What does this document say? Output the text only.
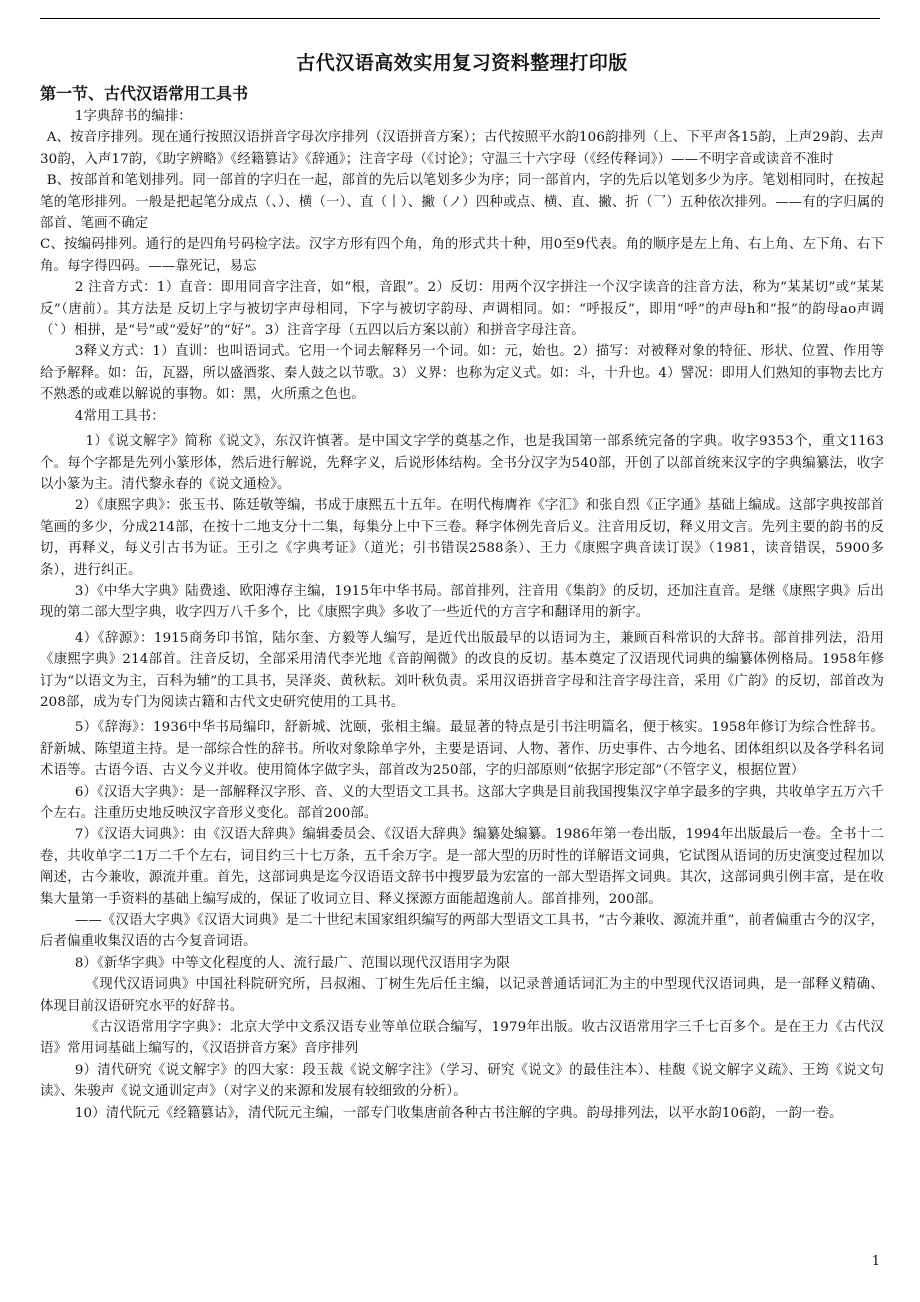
古代汉语高效实用复习资料整理打印版
第一节、古代汉语常用工具书

1字典辞书的编排：

A、按音序排列。现在通行按照汉语拼音字母次序排列（汉语拼音方案）；古代按照平水韵106韵排列（上、下平声各15韵，上声29韵、去声30韵，入声17韵，《助字辨略》《经籍篡诂》《辞通》；注音字母（《讨论》；守温三十六字母（《经传释词》）——不明字音或读音不准时

B、按部首和笔划排列。同一部首的字归在一起，部首的先后以笔划多少为序；同一部首内，字的先后以笔划多少为序。笔划相同时，在按起笔的笔形排列。一般是把起笔分成点（、）、横（一）、直（丨）、撇（ノ）四种或点、横、直、撇、折（乛）五种依次排列。——有的字归属的部首、笔画不确定

C、按编码排列。通行的是四角号码检字法。汉字方形有四个角，角的形式共十种，用0至9代表。角的顺序是左上角、右上角、左下角、右下角。每字得四码。——靠死记，易忘

2 注音方式：1）直音：即用同音字注音，如“根，音跟”。2）反切：用两个汉字拼注一个汉字读音的注音方法，称为“某某切”或“某某反”（唐前）。其方法是 反切上字与被切字声母相同，下字与被切字韵母、声调相同。如：“呼报反”，即用“呼”的声母h和“报”的韵母ao声调（`）相拼，是“号”或“爱好”的“好”。3）注音字母（五四以后方案以前）和拼音字母注音。

3释义方式：1）直训：也叫语词式。它用一个词去解释另一个词。如：元，始也。2）描写：对被释对象的特征、形状、位置、作用等给予解释。如：缶，瓦器，所以盛酒浆、秦人鼓之以节歌。3）义界：也称为定义式。如：斗，十升也。4）譬况：即用人们熟知的事物去比方不熟悉的或难以解说的事物。如：黑，火所熏之色也。

4常用工具书：

1）《说文解字》简称《说文》，东汉许慎著。是中国文字学的奠基之作，也是我国第一部系统完备的字典。收字9353个，重文1163个。每个字都是先列小篆形体，然后进行解说，先释字义，后说形体结构。全书分汉字为540部，开创了以部首统来汉字的字典编纂法，收字以小篆为主。清代黎永春的《说文通检》。

2）《康熙字典》：张玉书、陈廷敬等编，书成于康熙五十五年。在明代梅膺祚《字汇》和张自烈《正字通》基础上编成。这部字典按部首笔画的多少，分成214部，在按十二地支分十二集，每集分上中下三卷。释字体例先音后义。注音用反切，释义用文言。先列主要的韵书的反切，再释义，每义引古书为证。王引之《字典考证》（道光；引书错误2588条）、王力《康熙字典音读订误》（1981，读音错误，5900多条），进行纠正。

3）《中华大字典》陆费逵、欧阳溥存主编，1915年中华书局。部首排列，注音用《集韵》的反切，还加注直音。是继《康熙字典》后出现的第二部大型字典，收字四万八千多个，比《康熙字典》多收了一些近代的方言字和翻译用的新字。

4）《辞源》：1915商务印书馆，陆尔奎、方毅等人编写，是近代出版最早的以语词为主，兼顾百科常识的大辞书。部首排列法，沿用《康熙字典》214部首。注音反切，全部采用清代李光地《音韵阐微》的改良的反切。基本奠定了汉语现代词典的编纂体例格局。1958年修订为“以语文为主，百科为辅”的工具书，吴泽炎、黄秋耘。刘叶秋负责。采用汉语拼音字母和注音字母注音，采用《广韵》的反切，部首改为208部，成为专门为阅读古籍和古代文史研究使用的工具书。

5）《辞海》：1936中华书局编印，舒新城、沈颐，张相主编。最显著的特点是引书注明篇名，便于核实。1958年修订为综合性辞书。舒新城、陈望道主持。是一部综合性的辞书。所收对象除单字外，主要是语词、人物、著作、历史事件、古今地名、团体组织以及各学科名词术语等。古语今语、古义今义并收。使用简体字做字头，部首改为250部，字的归部原则“依据字形定部”（不管字义，根据位置）

6）《汉语大字典》：是一部解释汉字形、音、义的大型语文工具书。这部大字典是目前我国搜集汉字单字最多的字典，共收单字五万六千个左右。注重历史地反映汉字音形义变化。部首200部。

7）《汉语大词典》：由《汉语大辞典》编辑委员会、《汉语大辞典》编纂处编纂。1986年第一卷出版，1994年出版最后一卷。全书十二卷，共收单字二1万二千个左右，词目约三十七万条，五千余万字。是一部大型的历时性的详解语文词典，它试图从语词的历史演变过程加以阐述，古今兼收，源流并重。首先，这部词典是迄今汉语语文辞书中搜罗最为宏富的一部大型语挥文词典。其次，这部词典引例丰富，是在收集大量第一手资料的基础上编写成的，保证了收词立目、释义探源方面能超逸前人。部首排列，200部。

——《汉语大字典》《汉语大词典》是二十世纪末国家组织编写的两部大型语文工具书，“古今兼收、源流并重”，前者偏重古今的汉字，后者偏重收集汉语的古今复音词语。

8）《新华字典》中等文化程度的人、流行最广、范围以现代汉语用字为限

《现代汉语词典》中国社科院研究所，吕叔湘、丁树生先后任主编，以记录普通话词汇为主的中型现代汉语词典，是一部释义精确、体现目前汉语研究水平的好辞书。

《古汉语常用字字典》：北京大学中文系汉语专业等单位联合编写，1979年出版。收古汉语常用字三千七百多个。是在王力《古代汉语》常用词基础上编写的，《汉语拼音方案》音序排列

9）清代研究《说文解字》的四大家：段玉裁《说文解字注》（学习、研究《说文》的最佳注本）、桂馥《说文解字义疏》、王筠《说文句读》、朱骏声《说文通训定声》（对字义的来源和发展有较细致的分析）。

10）清代阮元《经籍篡诂》，清代阮元主编，一部专门收集唐前各种古书注解的字典。韵母排列法，以平水韵106韵，一韵一卷。

1
